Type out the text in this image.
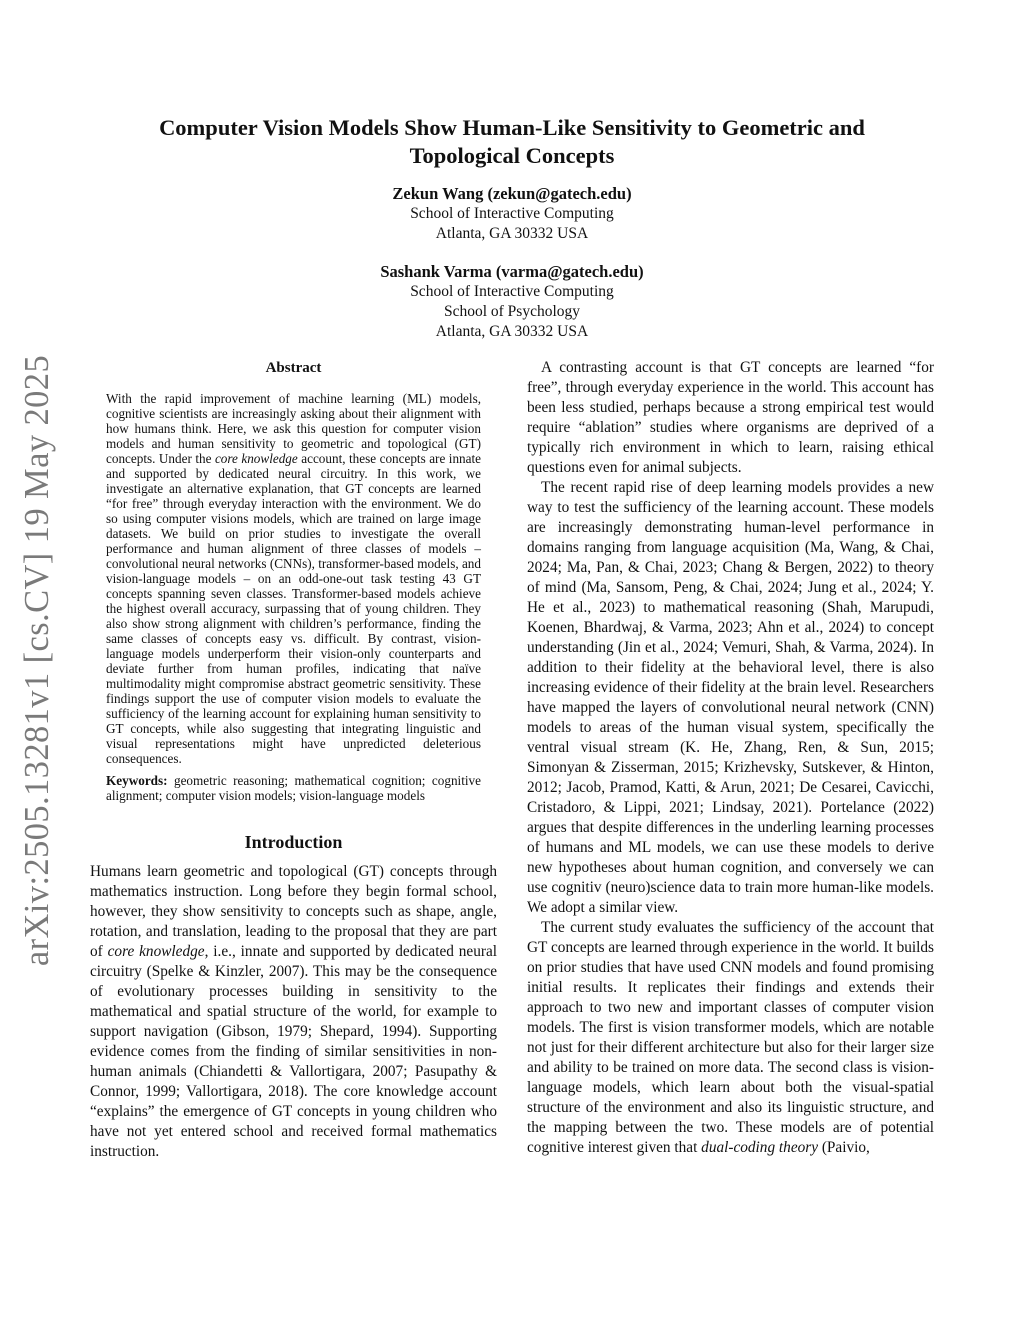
arXiv:2505.13281v1 [cs.CV] 19 May 2025
Computer Vision Models Show Human-Like Sensitivity to Geometric and Topological Concepts
Zekun Wang (zekun@gatech.edu)
School of Interactive Computing
Atlanta, GA 30332 USA
Sashank Varma (varma@gatech.edu)
School of Interactive Computing
School of Psychology
Atlanta, GA 30332 USA
Abstract

With the rapid improvement of machine learning (ML) models, cognitive scientists are increasingly asking about their alignment with how humans think. Here, we ask this question for computer vision models and human sensitivity to geometric and topological (GT) concepts. Under the core knowledge account, these concepts are innate and supported by dedicated neural circuitry. In this work, we investigate an alternative explanation, that GT concepts are learned “for free” through everyday interaction with the environment. We do so using computer visions models, which are trained on large image datasets. We build on prior studies to investigate the overall performance and human alignment of three classes of models – convolutional neural networks (CNNs), transformer-based models, and vision-language models – on an odd-one-out task testing 43 GT concepts spanning seven classes. Transformer-based models achieve the highest overall accuracy, surpassing that of young children. They also show strong alignment with children’s performance, finding the same classes of concepts easy vs. difficult. By contrast, vision-language models underperform their vision-only counterparts and deviate further from human profiles, indicating that naïve multimodality might compromise abstract geometric sensitivity. These findings support the use of computer vision models to evaluate the sufficiency of the learning account for explaining human sensitivity to GT concepts, while also suggesting that integrating linguistic and visual representations might have unpredicted deleterious consequences.

Keywords: geometric reasoning; mathematical cognition; cognitive alignment; computer vision models; vision-language models

Introduction

Humans learn geometric and topological (GT) concepts through mathematics instruction. Long before they begin formal school, however, they show sensitivity to concepts such as shape, angle, rotation, and translation, leading to the proposal that they are part of core knowledge, i.e., innate and supported by dedicated neural circuitry (Spelke & Kinzler, 2007). This may be the consequence of evolutionary processes building in sensitivity to the mathematical and spatial structure of the world, for example to support navigation (Gibson, 1979; Shepard, 1994). Supporting evidence comes from the finding of similar sensitivities in non-human animals (Chiandetti & Vallortigara, 2007; Pasupathy & Connor, 1999; Vallortigara, 2018). The core knowledge account “explains” the emergence of GT concepts in young children who have not yet entered school and received formal mathematics instruction.

A contrasting account is that GT concepts are learned “for free”, through everyday experience in the world. This account has been less studied, perhaps because a strong empirical test would require “ablation” studies where organisms are deprived of a typically rich environment in which to learn, raising ethical questions even for animal subjects.

The recent rapid rise of deep learning models provides a new way to test the sufficiency of the learning account. These models are increasingly demonstrating human-level performance in domains ranging from language acquisition (Ma, Wang, & Chai, 2024; Ma, Pan, & Chai, 2023; Chang & Bergen, 2022) to theory of mind (Ma, Sansom, Peng, & Chai, 2024; Jung et al., 2024; Y. He et al., 2023) to mathematical reasoning (Shah, Marupudi, Koenen, Bhardwaj, & Varma, 2023; Ahn et al., 2024) to concept understanding (Jin et al., 2024; Vemuri, Shah, & Varma, 2024). In addition to their fidelity at the behavioral level, there is also increasing evidence of their fidelity at the brain level. Researchers have mapped the layers of convolutional neural network (CNN) models to areas of the human visual system, specifically the ventral visual stream (K. He, Zhang, Ren, & Sun, 2015; Simonyan & Zisserman, 2015; Krizhevsky, Sutskever, & Hinton, 2012; Jacob, Pramod, Katti, & Arun, 2021; De Cesarei, Cavicchi, Cristadoro, & Lippi, 2021; Lindsay, 2021). Portelance (2022) argues that despite differences in the underling learning processes of humans and ML models, we can use these models to derive new hypotheses about human cognition, and conversely we can use cognitiv (neuro)science data to train more human-like models. We adopt a similar view.

The current study evaluates the sufficiency of the account that GT concepts are learned through experience in the world. It builds on prior studies that have used CNN models and found promising initial results. It replicates their findings and extends their approach to two new and important classes of computer vision models. The first is vision transformer models, which are notable not just for their different architecture but also for their larger size and ability to be trained on more data. The second class is vision-language models, which learn about both the visual-spatial structure of the environment and also its linguistic structure, and the mapping between the two. These models are of potential cognitive interest given that dual-coding theory (Paivio,
